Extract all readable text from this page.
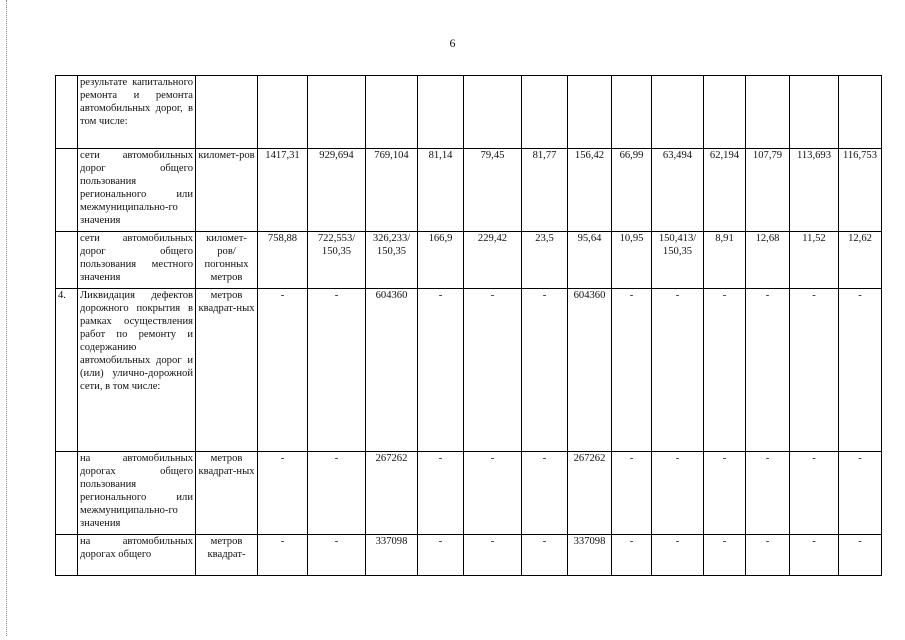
6
	результате капитального ремонта и ремонта автомобильных дорог, в том числе:														
	сети автомобильных дорог общего пользования регионального или межмуниципально-го значения	километ-ров	1417,31	929,694	769,104	81,14	79,45	81,77	156,42	66,99	63,494	62,194	107,79	113,693	116,753
	сети автомобильных дорог общего пользования местного значения	километ-ров/ погонных метров	758,88	722,553/ 150,35	326,233/ 150,35	166,9	229,42	23,5	95,64	10,95	150,413/ 150,35	8,91	12,68	11,52	12,62
4.	Ликвидация дефектов дорожного покрытия в рамках осуществления работ по ремонту и содержанию автомобильных дорог и (или) улично-дорожной сети, в том числе:	метров квадрат-ных	-	-	604360	-	-	-	604360	-	-	-	-	-	-
	на автомобильных дорогах общего пользования регионального или межмуниципально-го значения	метров квадрат-ных	-	-	267262	-	-	-	267262	-	-	-	-	-	-
	на автомобильных дорогах общего	метров квадрат-	-	-	337098	-	-	-	337098	-	-	-	-	-	-
